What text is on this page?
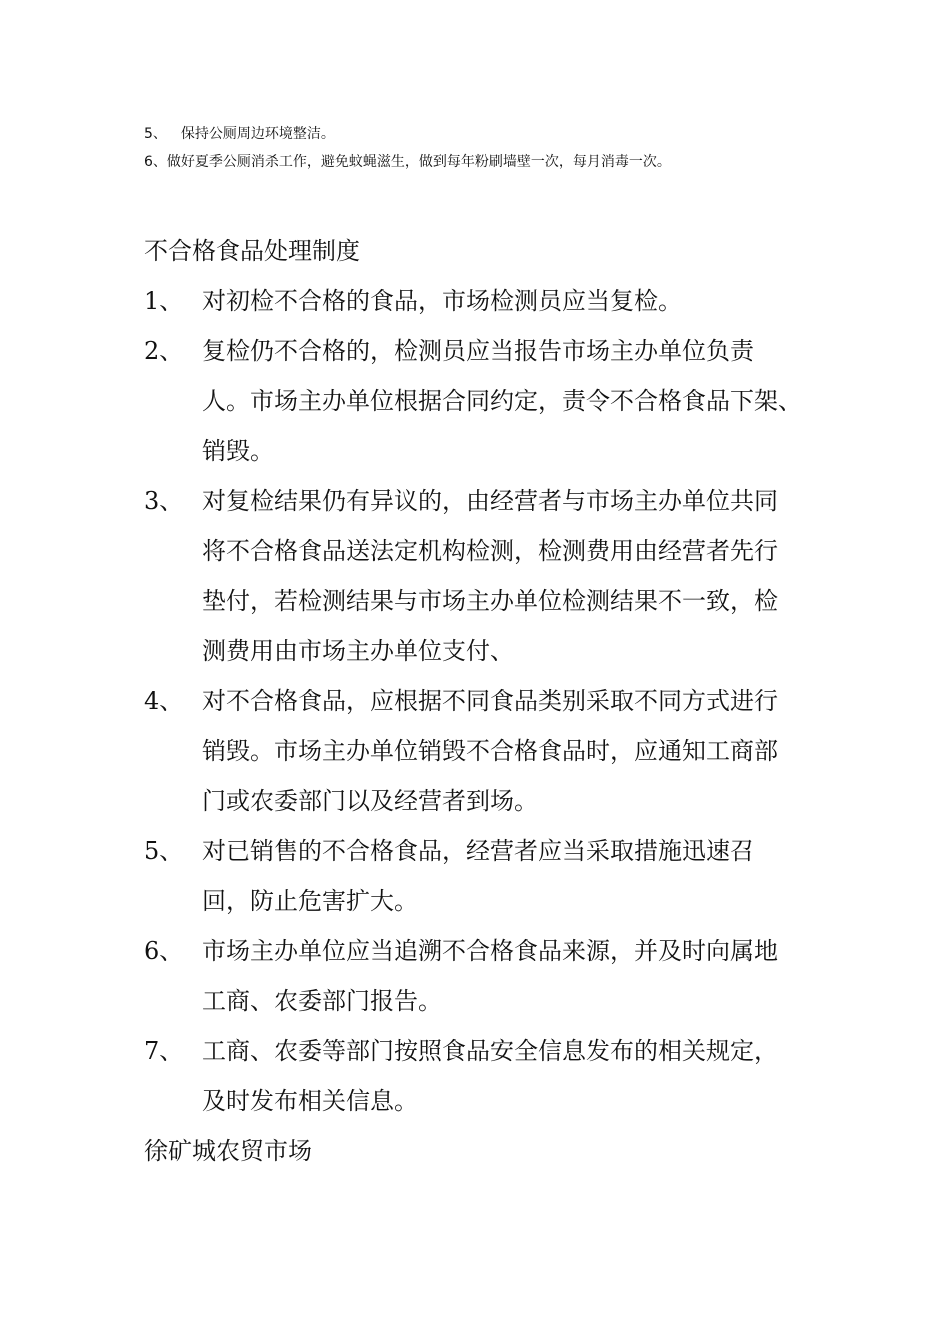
5、 保持公厕周边环境整洁。
6、做好夏季公厕消杀工作，避免蚊蝇滋生，做到每年粉刷墙壁一次，每月消毒一次。
不合格食品处理制度
1、 对初检不合格的食品，市场检测员应当复检。
2、 复检仍不合格的，检测员应当报告市场主办单位负责
人。市场主办单位根据合同约定，责令不合格食品下架、
销毁。
3、 对复检结果仍有异议的，由经营者与市场主办单位共同
将不合格食品送法定机构检测，检测费用由经营者先行
垫付，若检测结果与市场主办单位检测结果不一致，检
测费用由市场主办单位支付、
4、 对不合格食品，应根据不同食品类别采取不同方式进行
销毁。市场主办单位销毁不合格食品时，应通知工商部
门或农委部门以及经营者到场。
5、 对已销售的不合格食品，经营者应当采取措施迅速召
回，防止危害扩大。
6、 市场主办单位应当追溯不合格食品来源，并及时向属地
工商、农委部门报告。
7、 工商、农委等部门按照食品安全信息发布的相关规定，
及时发布相关信息。
徐矿城农贸市场
